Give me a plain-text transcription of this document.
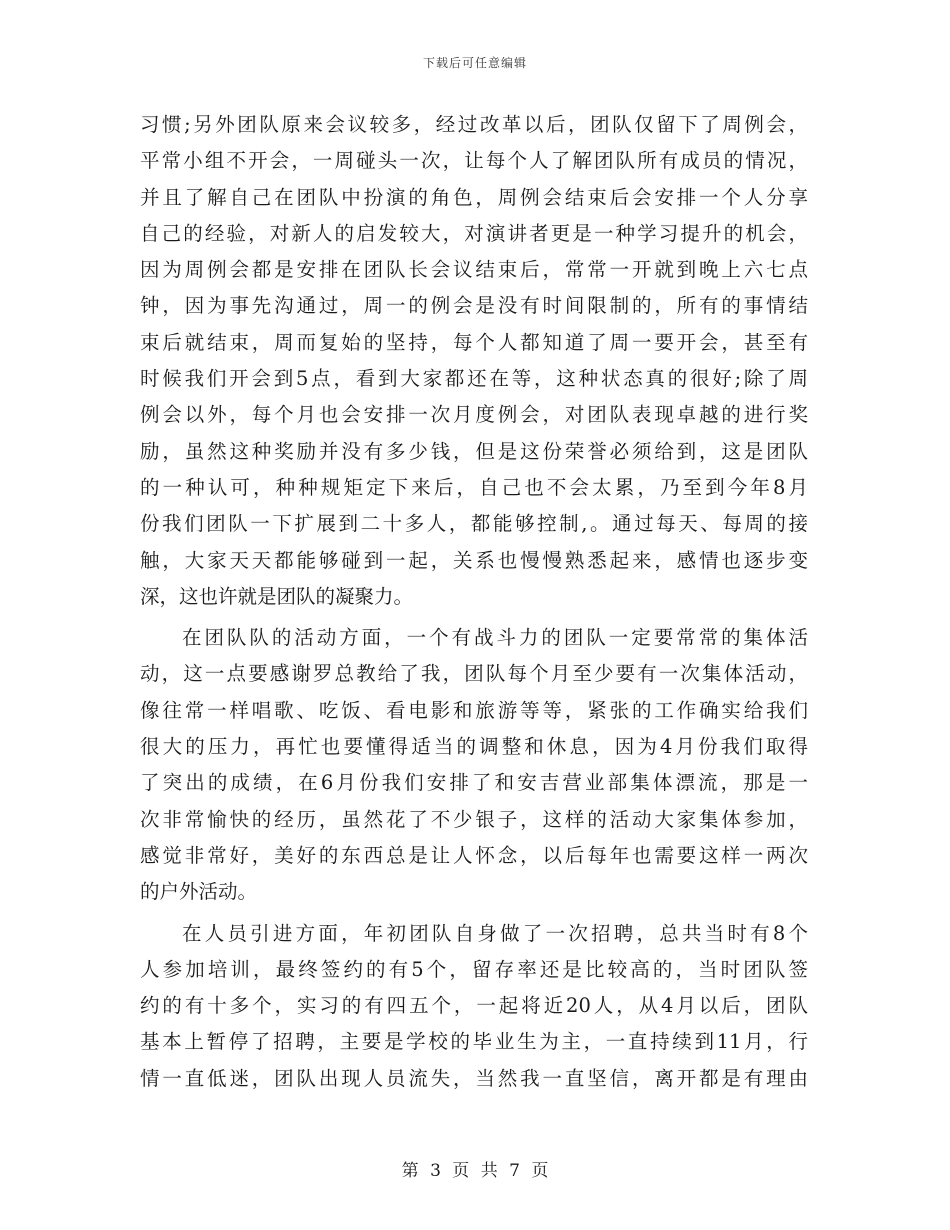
下载后可任意编辑
习惯;另外团队原来会议较多，经过改革以后，团队仅留下了周例会，
平常小组不开会，一周碰头一次，让每个人了解团队所有成员的情况，
并且了解自己在团队中扮演的角色，周例会结束后会安排一个人分享
自己的经验，对新人的启发较大，对演讲者更是一种学习提升的机会，
因为周例会都是安排在团队长会议结束后，常常一开就到晚上六七点
钟，因为事先沟通过，周一的例会是没有时间限制的，所有的事情结
束后就结束，周而复始的坚持，每个人都知道了周一要开会，甚至有
时候我们开会到5点，看到大家都还在等，这种状态真的很好;除了周
例会以外，每个月也会安排一次月度例会，对团队表现卓越的进行奖
励，虽然这种奖励并没有多少钱，但是这份荣誉必须给到，这是团队
的一种认可，种种规矩定下来后，自己也不会太累，乃至到今年8月
份我们团队一下扩展到二十多人，都能够控制,。通过每天、每周的接
触，大家天天都能够碰到一起，关系也慢慢熟悉起来，感情也逐步变
深，这也许就是团队的凝聚力。
在团队队的活动方面，一个有战斗力的团队一定要常常的集体活
动，这一点要感谢罗总教给了我，团队每个月至少要有一次集体活动，
像往常一样唱歌、吃饭、看电影和旅游等等，紧张的工作确实给我们
很大的压力，再忙也要懂得适当的调整和休息，因为4月份我们取得
了突出的成绩，在6月份我们安排了和安吉营业部集体漂流，那是一
次非常愉快的经历，虽然花了不少银子，这样的活动大家集体参加，
感觉非常好，美好的东西总是让人怀念，以后每年也需要这样一两次
的户外活动。
在人员引进方面，年初团队自身做了一次招聘，总共当时有8个
人参加培训，最终签约的有5个，留存率还是比较高的，当时团队签
约的有十多个，实习的有四五个，一起将近20人，从4月以后，团队
基本上暂停了招聘，主要是学校的毕业生为主，一直持续到11月，行
情一直低迷，团队出现人员流失，当然我一直坚信，离开都是有理由
第 3 页 共 7 页
